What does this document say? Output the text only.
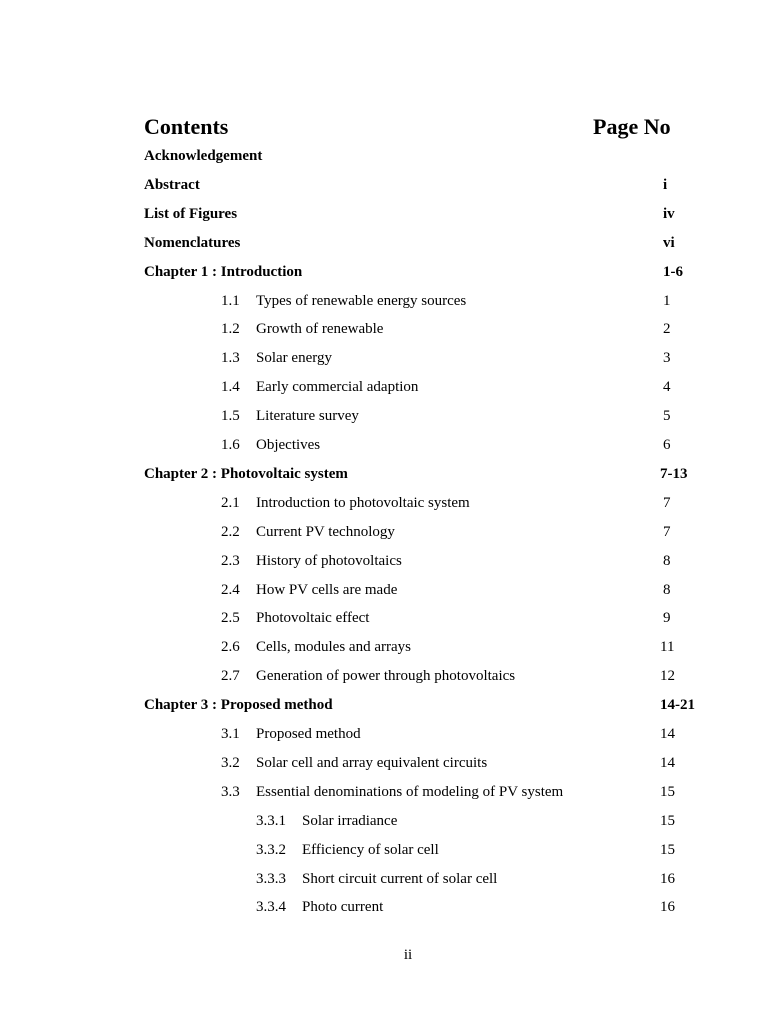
Contents	Page No
Acknowledgement
Abstract	i
List of Figures	iv
Nomenclatures	vi
Chapter 1 : Introduction	1-6
1.1 Types of renewable energy sources	1
1.2 Growth of renewable	2
1.3 Solar energy	3
1.4 Early commercial adaption	4
1.5 Literature survey	5
1.6 Objectives	6
Chapter 2 : Photovoltaic system	7-13
2.1 Introduction to photovoltaic system	7
2.2 Current PV technology	7
2.3 History of photovoltaics	8
2.4 How PV cells are made	8
2.5 Photovoltaic effect	9
2.6 Cells, modules and arrays	11
2.7 Generation of power through photovoltaics	12
Chapter 3 : Proposed method	14-21
3.1 Proposed method	14
3.2 Solar cell and array equivalent circuits	14
3.3 Essential denominations of modeling of PV system	15
3.3.1 Solar irradiance	15
3.3.2 Efficiency of solar cell	15
3.3.3 Short circuit current of solar cell	16
3.3.4 Photo current	16
ii
